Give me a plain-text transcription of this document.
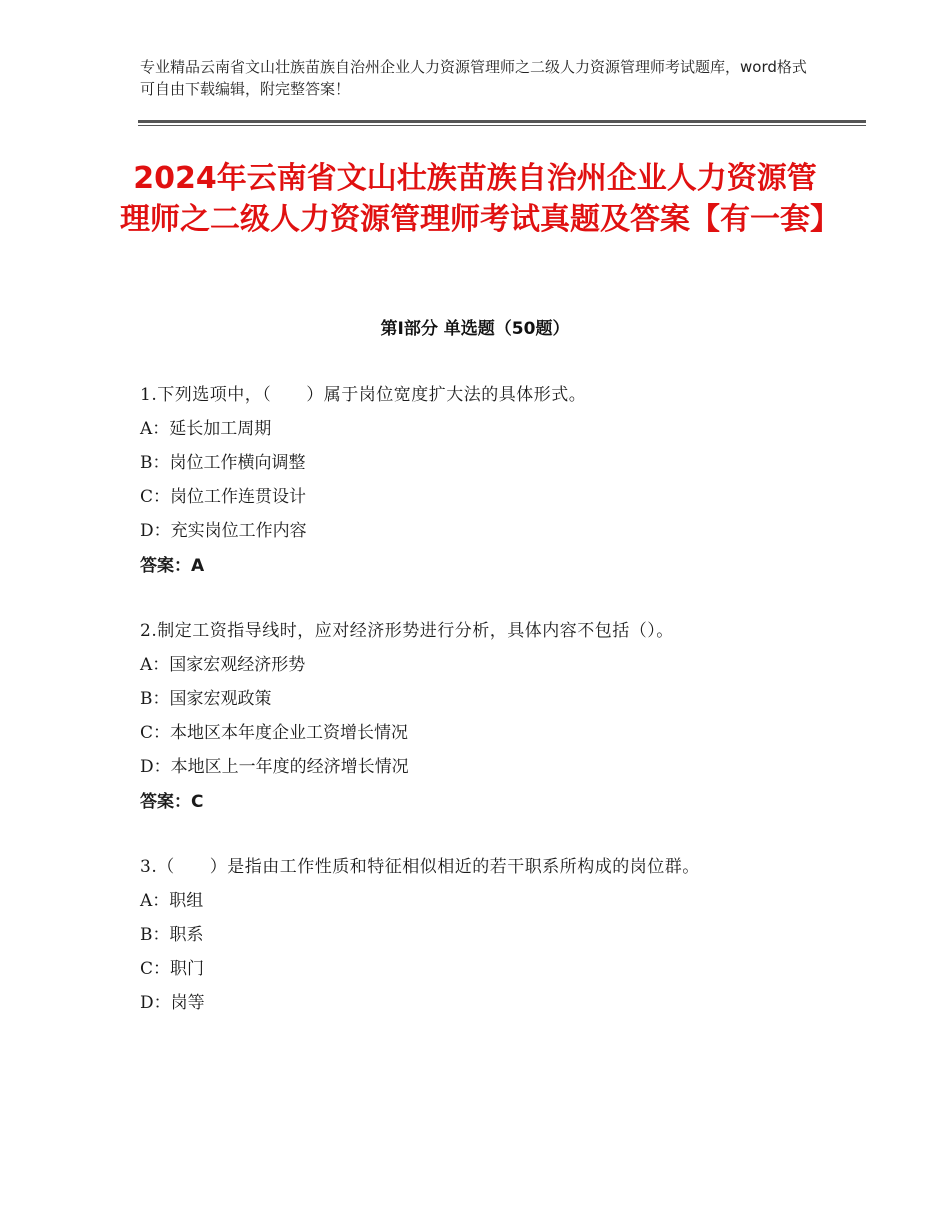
专业精品云南省文山壮族苗族自治州企业人力资源管理师之二级人力资源管理师考试题库，word格式可自由下载编辑，附完整答案！
2024年云南省文山壮族苗族自治州企业人力资源管理师之二级人力资源管理师考试真题及答案【有一套】
第Ⅰ部分 单选题（50题）

1.下列选项中，（　　）属于岗位宽度扩大法的具体形式。

A：延长加工周期

B：岗位工作横向调整

C：岗位工作连贯设计

D：充实岗位工作内容

答案：A

2.制定工资指导线时，应对经济形势进行分析，具体内容不包括（）。

A：国家宏观经济形势

B：国家宏观政策

C：本地区本年度企业工资增长情况

D：本地区上一年度的经济增长情况

答案：C

3.（　　）是指由工作性质和特征相似相近的若干职系所构成的岗位群。

A：职组

B：职系

C：职门

D：岗等
